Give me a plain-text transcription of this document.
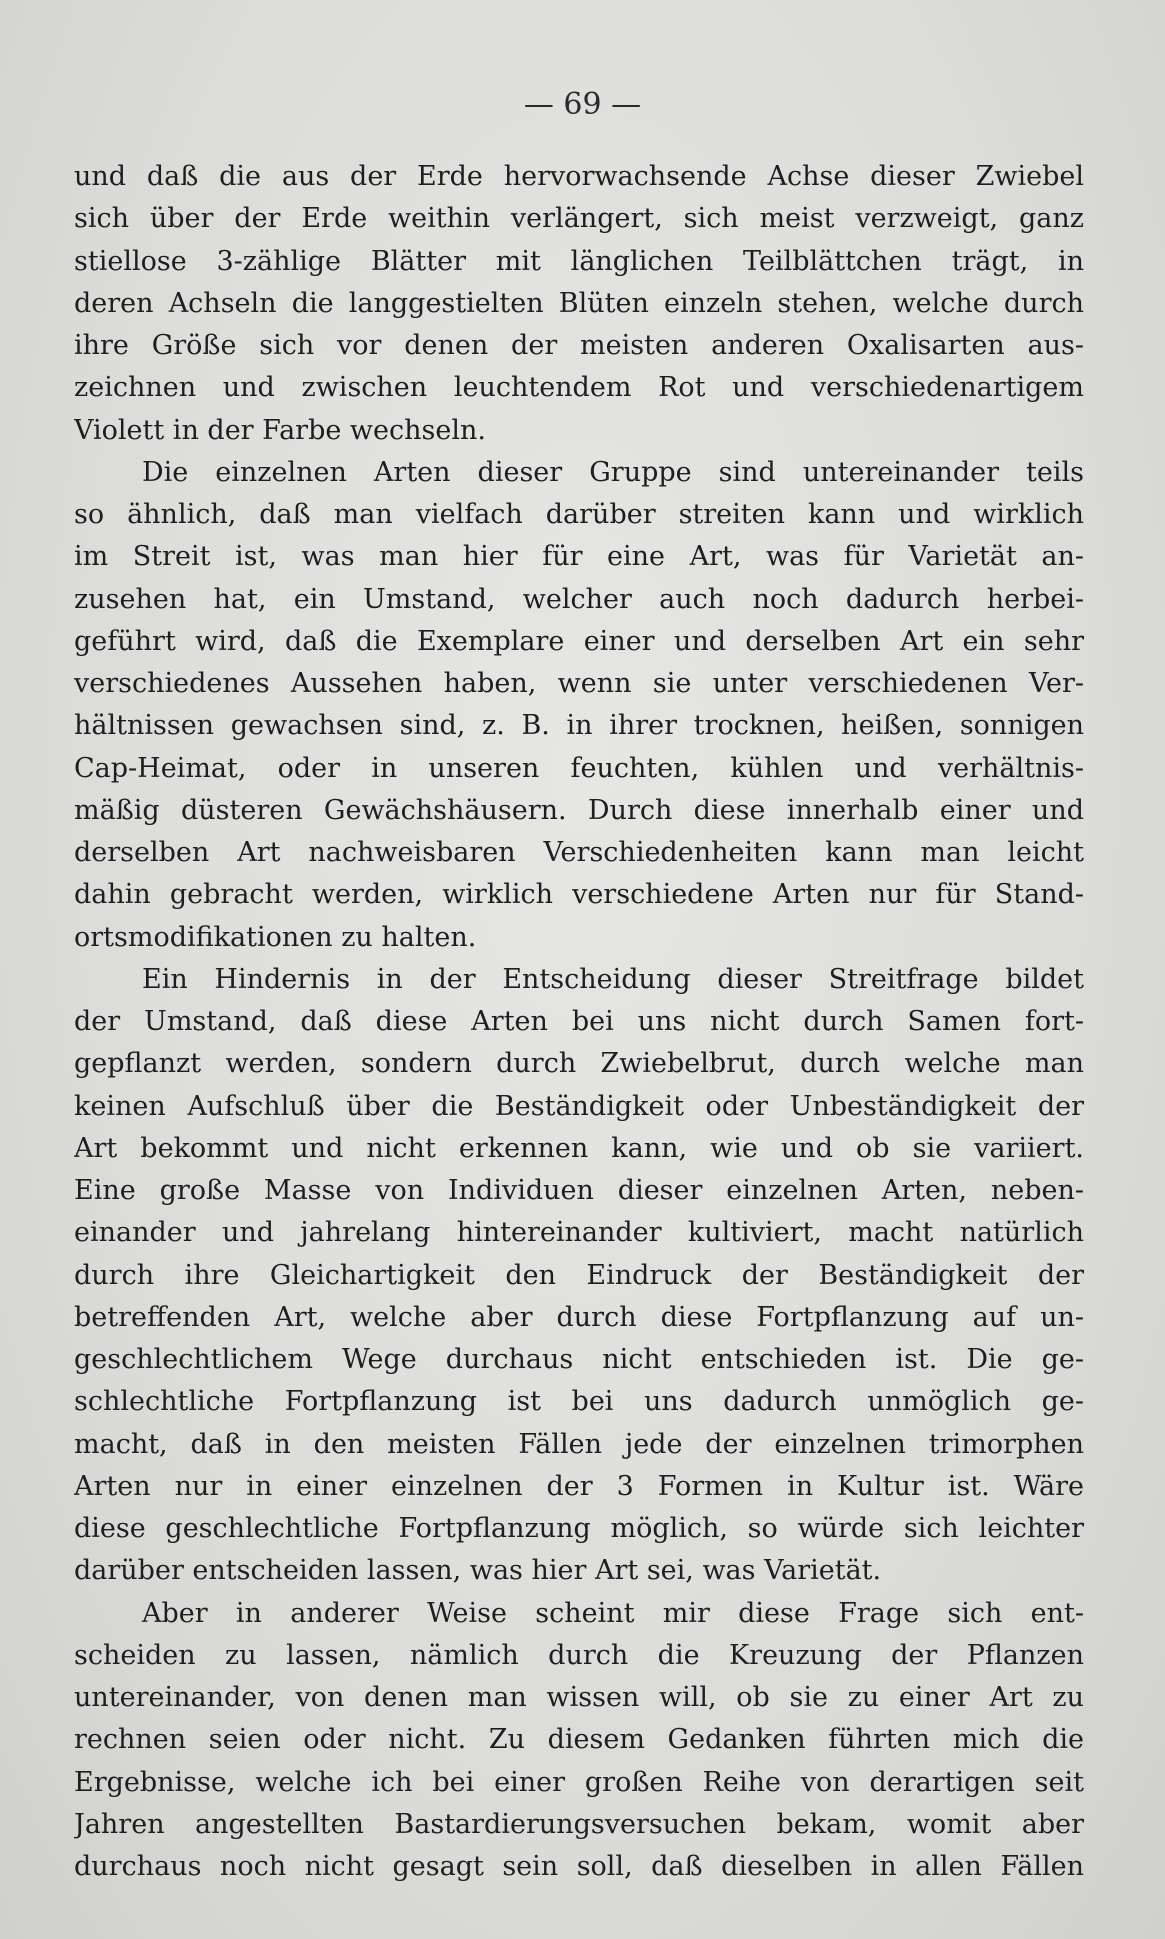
— 69 —
und daß die aus der Erde hervorwachsende Achse dieser Zwiebel
sich über der Erde weithin verlängert, sich meist verzweigt, ganz
stiellose 3-zählige Blätter mit länglichen Teilblättchen trägt, in
deren Achseln die langgestielten Blüten einzeln stehen, welche durch
ihre Größe sich vor denen der meisten anderen Oxalisarten aus-
zeichnen und zwischen leuchtendem Rot und verschiedenartigem
Violett in der Farbe wechseln.
Die einzelnen Arten dieser Gruppe sind untereinander teils
so ähnlich, daß man vielfach darüber streiten kann und wirklich
im Streit ist, was man hier für eine Art, was für Varietät an-
zusehen hat, ein Umstand, welcher auch noch dadurch herbei-
geführt wird, daß die Exemplare einer und derselben Art ein sehr
verschiedenes Aussehen haben, wenn sie unter verschiedenen Ver-
hältnissen gewachsen sind, z. B. in ihrer trocknen, heißen, sonnigen
Cap-Heimat, oder in unseren feuchten, kühlen und verhältnis-
mäßig düsteren Gewächshäusern. Durch diese innerhalb einer und
derselben Art nachweisbaren Verschiedenheiten kann man leicht
dahin gebracht werden, wirklich verschiedene Arten nur für Stand-
ortsmodifikationen zu halten.
Ein Hindernis in der Entscheidung dieser Streitfrage bildet
der Umstand, daß diese Arten bei uns nicht durch Samen fort-
gepflanzt werden, sondern durch Zwiebelbrut, durch welche man
keinen Aufschluß über die Beständigkeit oder Unbeständigkeit der
Art bekommt und nicht erkennen kann, wie und ob sie variiert.
Eine große Masse von Individuen dieser einzelnen Arten, neben-
einander und jahrelang hintereinander kultiviert, macht natürlich
durch ihre Gleichartigkeit den Eindruck der Beständigkeit der
betreffenden Art, welche aber durch diese Fortpflanzung auf un-
geschlechtlichem Wege durchaus nicht entschieden ist. Die ge-
schlechtliche Fortpflanzung ist bei uns dadurch unmöglich ge-
macht, daß in den meisten Fällen jede der einzelnen trimorphen
Arten nur in einer einzelnen der 3 Formen in Kultur ist. Wäre
diese geschlechtliche Fortpflanzung möglich, so würde sich leichter
darüber entscheiden lassen, was hier Art sei, was Varietät.
Aber in anderer Weise scheint mir diese Frage sich ent-
scheiden zu lassen, nämlich durch die Kreuzung der Pflanzen
untereinander, von denen man wissen will, ob sie zu einer Art zu
rechnen seien oder nicht. Zu diesem Gedanken führten mich die
Ergebnisse, welche ich bei einer großen Reihe von derartigen seit
Jahren angestellten Bastardierungsversuchen bekam, womit aber
durchaus noch nicht gesagt sein soll, daß dieselben in allen Fällen
